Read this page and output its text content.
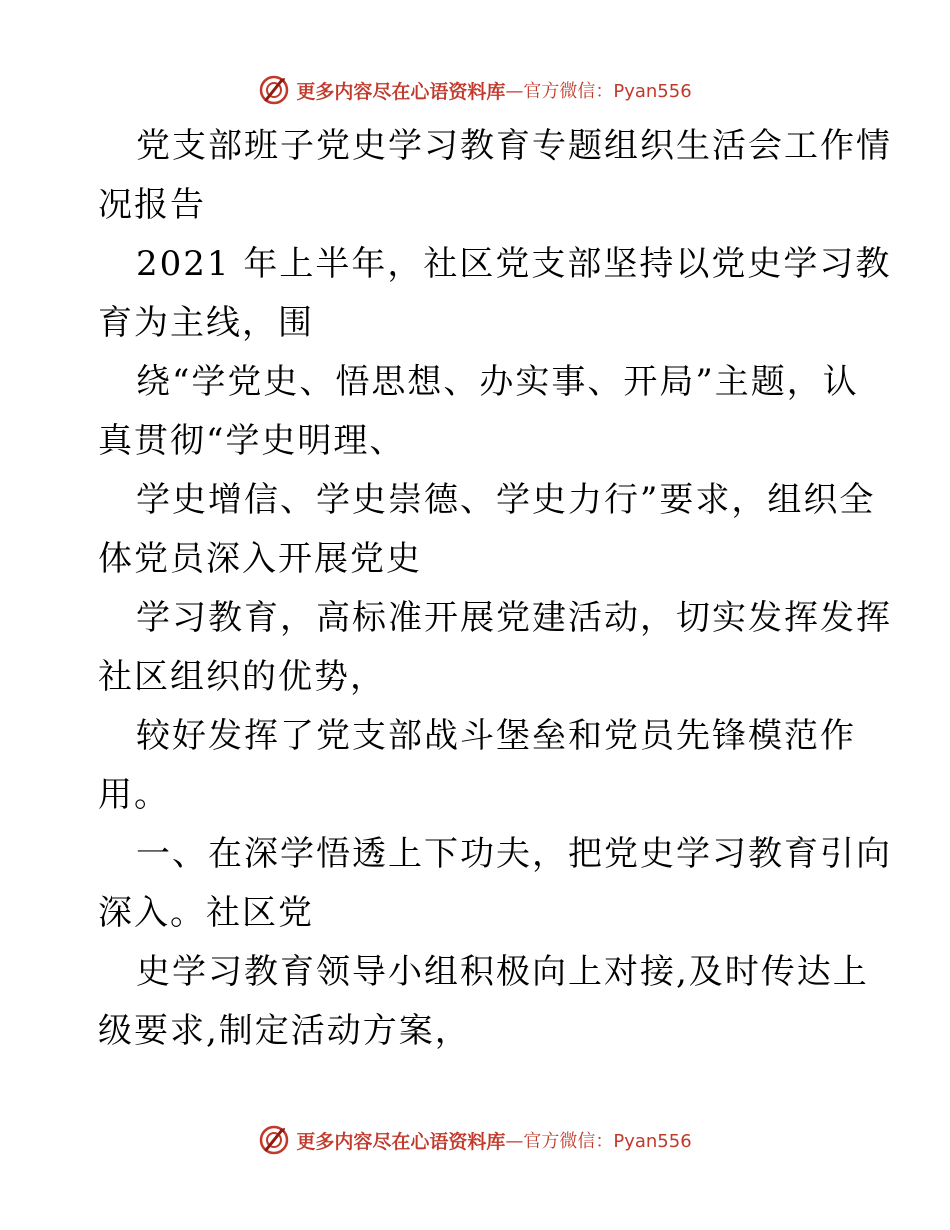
更多内容尽在心语资料库 —官方微信：Pyan556
党支部班子党史学习教育专题组织生活会工作情
况报告
2021 年上半年，社区党支部坚持以党史学习教
育为主线，围
绕“学党史、悟思想、办实事、开局”主题，认
真贯彻“学史明理、
学史增信、学史崇德、学史力行”要求，组织全
体党员深入开展党史
学习教育，高标准开展党建活动，切实发挥发挥
社区组织的优势，
较好发挥了党支部战斗堡垒和党员先锋模范作
用。
一、在深学悟透上下功夫，把党史学习教育引向
深入。社区党
史学习教育领导小组积极向上对接,及时传达上
级要求,制定活动方案，
更多内容尽在心语资料库 —官方微信：Pyan556
